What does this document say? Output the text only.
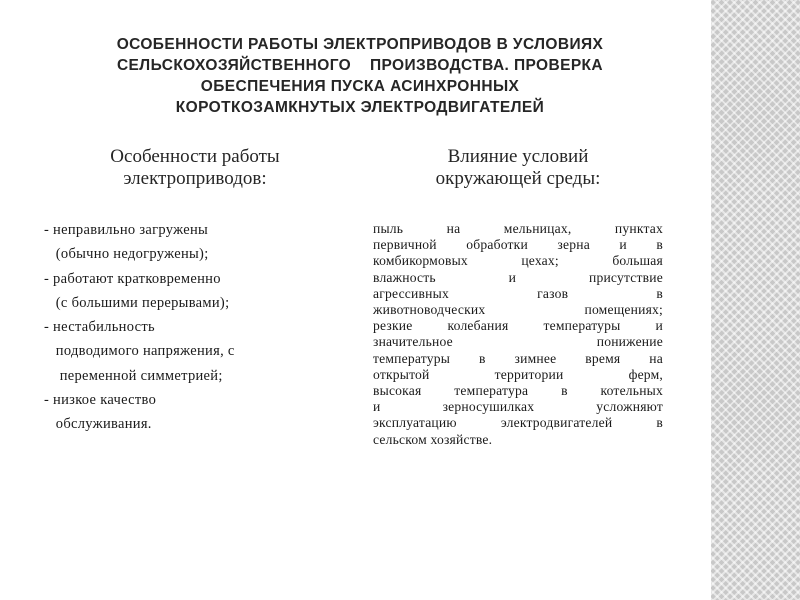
ОСОБЕННОСТИ РАБОТЫ ЭЛЕКТРОПРИВОДОВ В УСЛОВИЯХ
СЕЛЬСКОХОЗЯЙСТВЕННОГО    ПРОИЗВОДСТВА. ПРОВЕРКА
ОБЕСПЕЧЕНИЯ ПУСКА АСИНХРОННЫХ
КОРОТКОЗАМКНУТЫХ ЭЛЕКТРОДВИГАТЕЛЕЙ
Особенности работы
электроприводов:
Влияние условий
окружающей среды:
- неправильно загружены
(обычно недогружены);
- работают кратковременно
(с большими перерывами);
- нестабильность
подводимого напряжения, с
переменной симметрией;
- низкое качество
обслуживания.
пыль на мельницах, пунктах
первичной обработки зерна и в
комбикормовых цехах; большая
влажность и присутствие
агрессивных газов в
животноводческих помещениях;
резкие колебания температуры и
значительное понижение
температуры в зимнее время на
открытой территории ферм,
высокая температура в котельных
и зерносушилках усложняют
эксплуатацию электродвигателей в
сельском хозяйстве.
